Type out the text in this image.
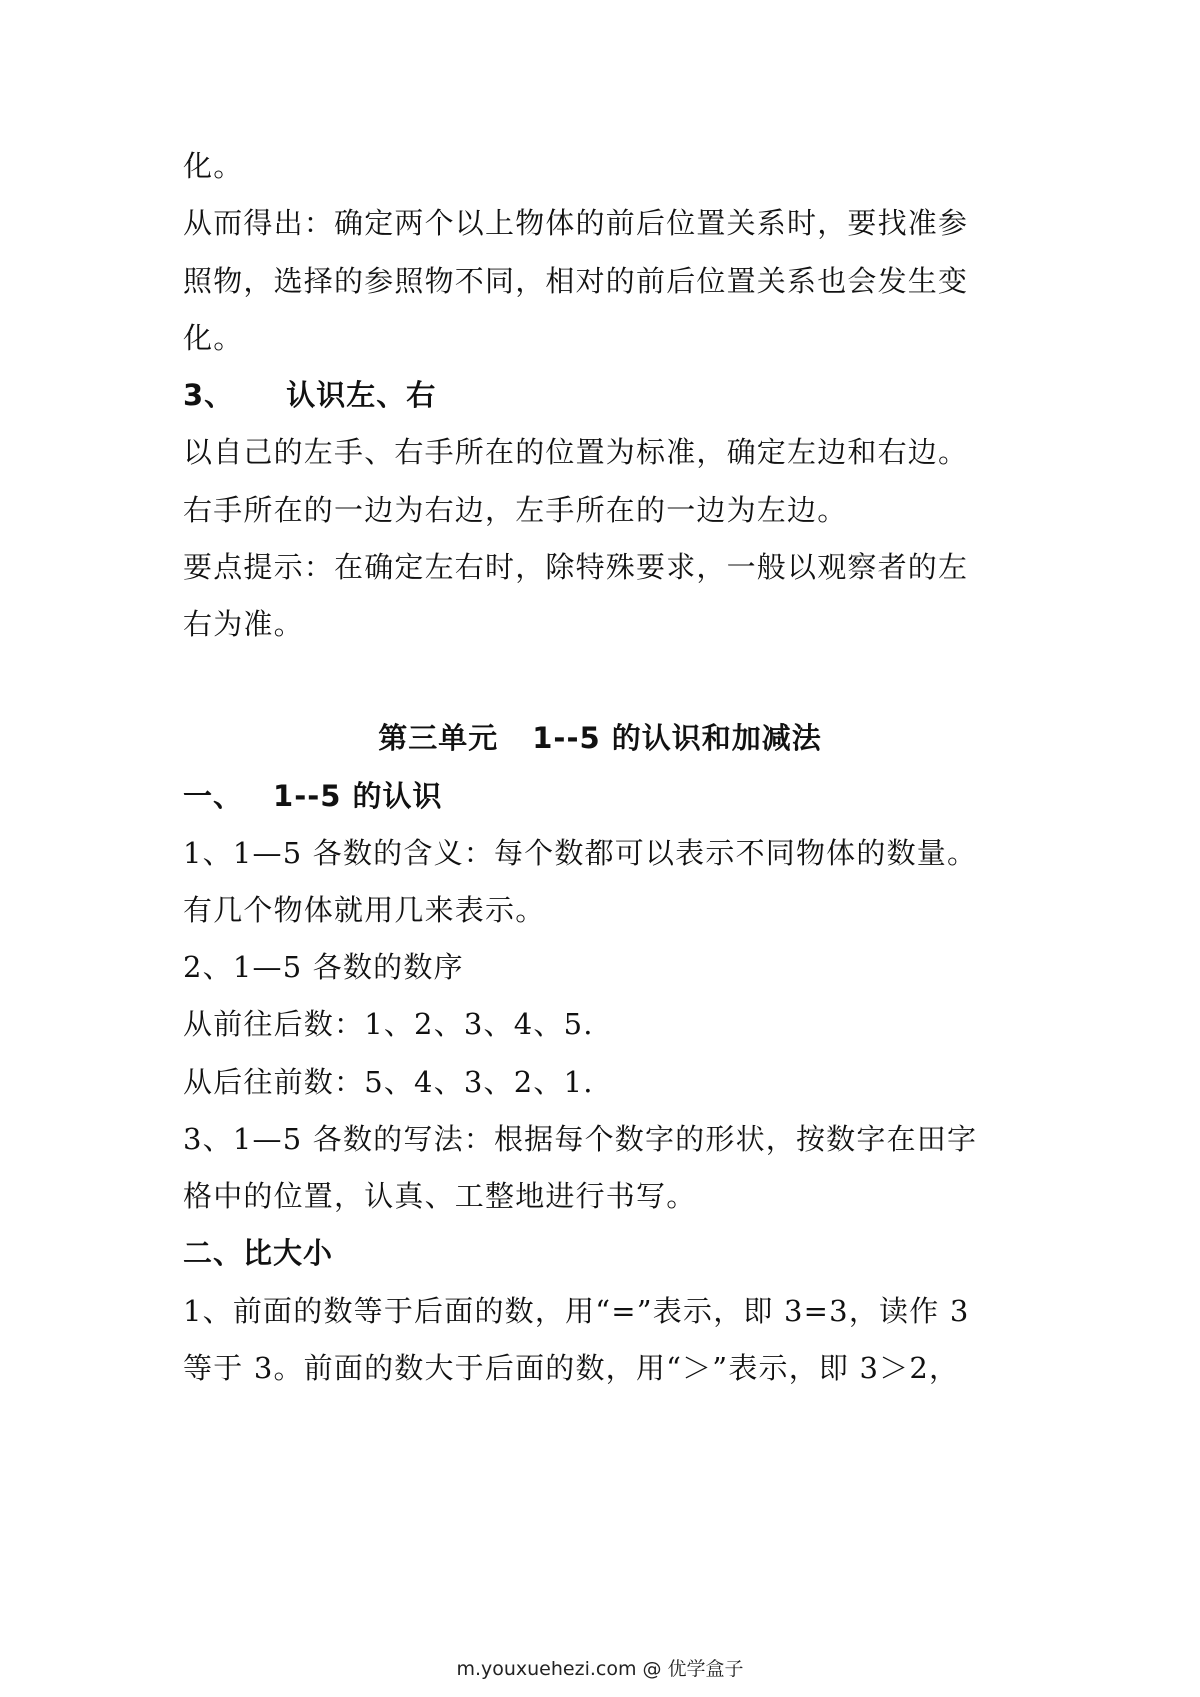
化。
从而得出：确定两个以上物体的前后位置关系时，要找准参
照物，选择的参照物不同，相对的前后位置关系也会发生变
化。
3、 认识左、右
以自己的左手、右手所在的位置为标准，确定左边和右边。
右手所在的一边为右边，左手所在的一边为左边。
要点提示：在确定左右时，除特殊要求，一般以观察者的左
右为准。
第三单元 1--5 的认识和加减法
一、 1--5 的认识
1、1—5 各数的含义：每个数都可以表示不同物体的数量。
有几个物体就用几来表示。
2、1—5 各数的数序
从前往后数：1、2、3、4、5.
从后往前数：5、4、3、2、1.
3、1—5 各数的写法：根据每个数字的形状，按数字在田字
格中的位置，认真、工整地进行书写。
二、比大小
1、前面的数等于后面的数，用“=”表示，即 3=3，读作 3
等于 3。前面的数大于后面的数，用“＞”表示，即 3＞2，
m.youxuehezi.com @ 优学盒子
